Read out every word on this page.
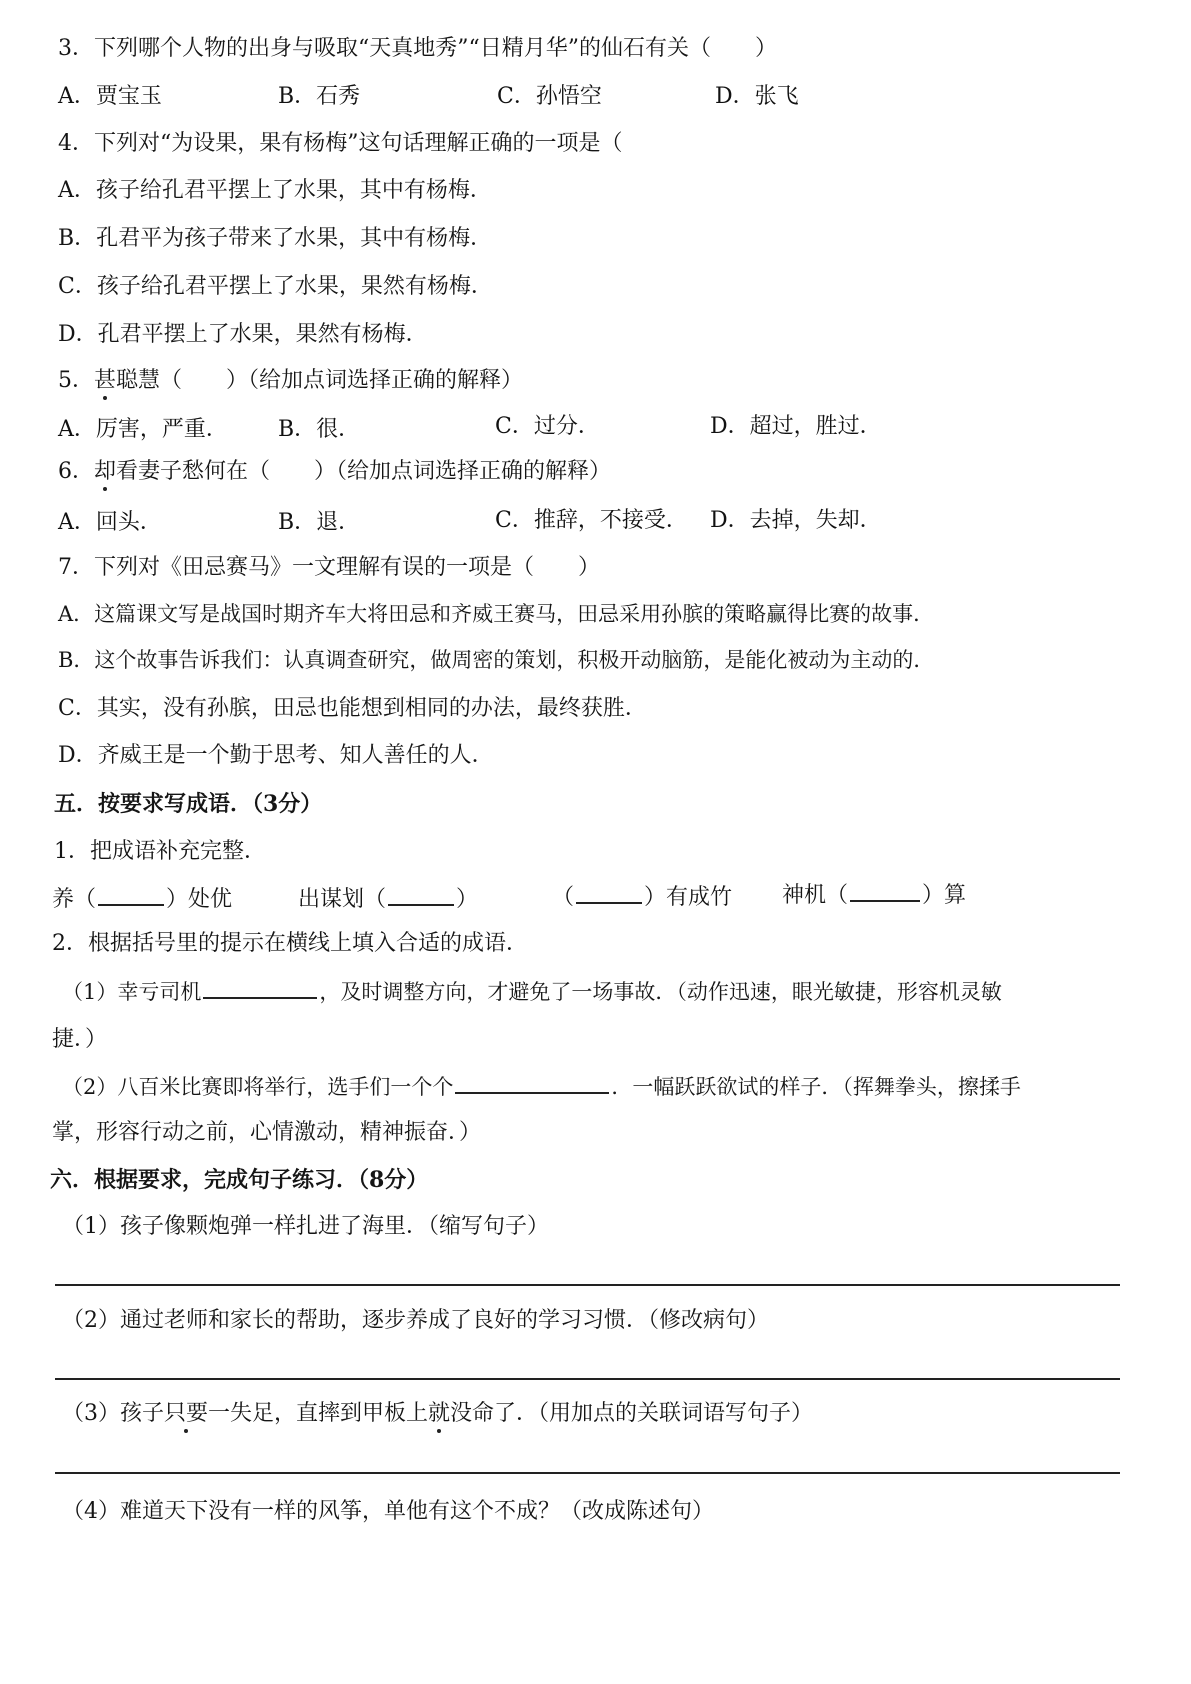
3．下列哪个人物的出身与吸取“天真地秀”“日精月华”的仙石有关（　　）
A．贾宝玉	B．石秀	C．孙悟空	D．张飞
4．下列对“为设果，果有杨梅”这句话理解正确的一项是（
A．孩子给孔君平摆上了水果，其中有杨梅．
B．孔君平为孩子带来了水果，其中有杨梅．
C．孩子给孔君平摆上了水果，果然有杨梅．
D．孔君平摆上了水果，果然有杨梅．
5．甚聪慧（　　）（给加点词选择正确的解释）
A．厉害，严重． B．很．	C．过分．	D．超过，胜过．
6．却看妻子愁何在（　　）（给加点词选择正确的解释）
A．回头．	B．退．	C．推辞，不接受． D．去掉，失却．
7．下列对《田忌赛马》一文理解有误的一项是（　　）
A．这篇课文写是战国时期齐车大将田忌和齐威王赛马，田忌采用孙膑的策略赢得比赛的故事．
B．这个故事告诉我们：认真调查研究，做周密的策划，积极开动脑筋，是能化被动为主动的．
C．其实，没有孙膑，田忌也能想到相同的办法，最终获胜．
D．齐威王是一个勤于思考、知人善任的人．
五．按要求写成语．（3分）
1．把成语补充完整．
养（	）处优	出谋划（	）	（	）有成竹 神机（	）算
2．根据括号里的提示在横线上填入合适的成语．
（1）幸亏司机	，及时调整方向，才避免了一场事故．（动作迅速，眼光敏捷，形容机灵敏
捷．）
（2）八百米比赛即将举行，选手们一个个	．一幅跃跃欲试的样子．（挥舞拳头，擦揉手
掌，形容行动之前，心情激动，精神振奋．）
六．根据要求，完成句子练习．（8分）
（1）孩子像颗炮弹一样扎进了海里．（缩写句子）
（2）通过老师和家长的帮助，逐步养成了良好的学习习惯．（修改病句）
（3）孩子只要一失足，直摔到甲板上就没命了．（用加点的关联词语写句子）
（4）难道天下没有一样的风筝，单他有这个不成？（改成陈述句）
